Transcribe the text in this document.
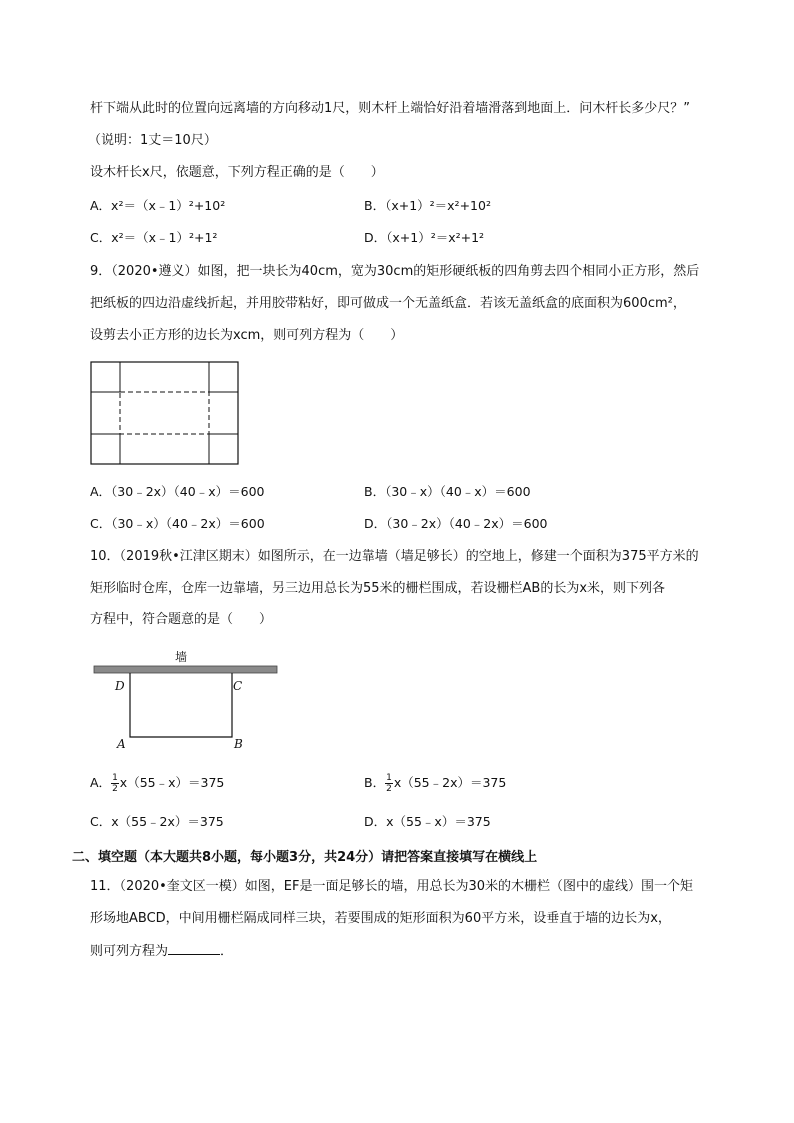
杆下端从此时的位置向远离墙的方向移动1尺，则木杆上端恰好沿着墙滑落到地面上．问木杆长多少尺？”
（说明：1丈＝10尺）
设木杆长x尺，依题意，下列方程正确的是（　　）
A．x²＝（x﹣1）²+10²	B．（x+1）²＝x²+10²
C．x²＝（x﹣1）²+1²	D．（x+1）²＝x²+1²
9．（2020•遵义）如图，把一块长为40cm，宽为30cm的矩形硬纸板的四角剪去四个相同小正方形，然后
把纸板的四边沿虚线折起，并用胶带粘好，即可做成一个无盖纸盒．若该无盖纸盒的底面积为600cm²，
设剪去小正方形的边长为xcm，则可列方程为（　　）
A．（30﹣2x）（40﹣x）＝600	B．（30﹣x）（40﹣x）＝600
C．（30﹣x）（40﹣2x）＝600	D．（30﹣2x）（40﹣2x）＝600
10．（2019秋•江津区期末）如图所示，在一边靠墙（墙足够长）的空地上，修建一个面积为375平方米的
矩形临时仓库，仓库一边靠墙，另三边用总长为55米的栅栏围成，若设栅栏AB的长为x米，则下列各
方程中，符合题意的是（　　）
墙
D	C
A	B
A． $\frac{1}{2}$ x（55﹣x）＝375	B． $\frac{1}{2}$ x（55﹣2x）＝375
C．x（55﹣2x）＝375	D．x（55﹣x）＝375
二、填空题（本大题共8小题，每小题3分，共24分）请把答案直接填写在横线上
11．（2020•奎文区一模）如图，EF是一面足够长的墙，用总长为30米的木栅栏（图中的虚线）围一个矩
形场地ABCD，中间用栅栏隔成同样三块，若要围成的矩形面积为60平方米，设垂直于墙的边长为x，
则可列方程为	．
